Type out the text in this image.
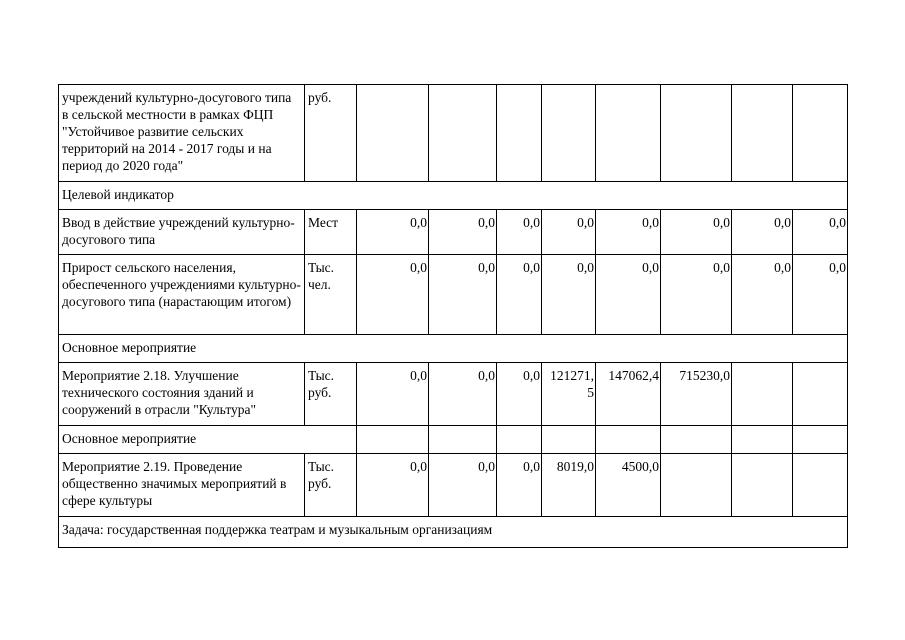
учреждений культурно-досугового типа в сельской местности в рамках ФЦП "Устойчивое развитие сельских территорий на 2014 - 2017 годы и на период до 2020 года"	руб.								
Целевой индикатор									
Ввод в действие учреждений культурно-досугового типа	Мест	0,0	0,0	0,0	0,0	0,0	0,0	0,0	0,0
Прирост сельского населения, обеспеченного учреждениями культурно-досугового типа (нарастающим итогом)	Тыс. чел.	0,0	0,0	0,0	0,0	0,0	0,0	0,0	0,0
Основное мероприятие									
Мероприятие 2.18. Улучшение технического состояния зданий и сооружений в отрасли "Культура"	Тыс. руб.	0,0	0,0	0,0	121271,5	147062,4	715230,0		
Основное мероприятие									
Мероприятие 2.19. Проведение общественно значимых мероприятий в сфере культуры	Тыс. руб.	0,0	0,0	0,0	8019,0	4500,0			
Задача: государственная поддержка театрам и музыкальным организациям									
